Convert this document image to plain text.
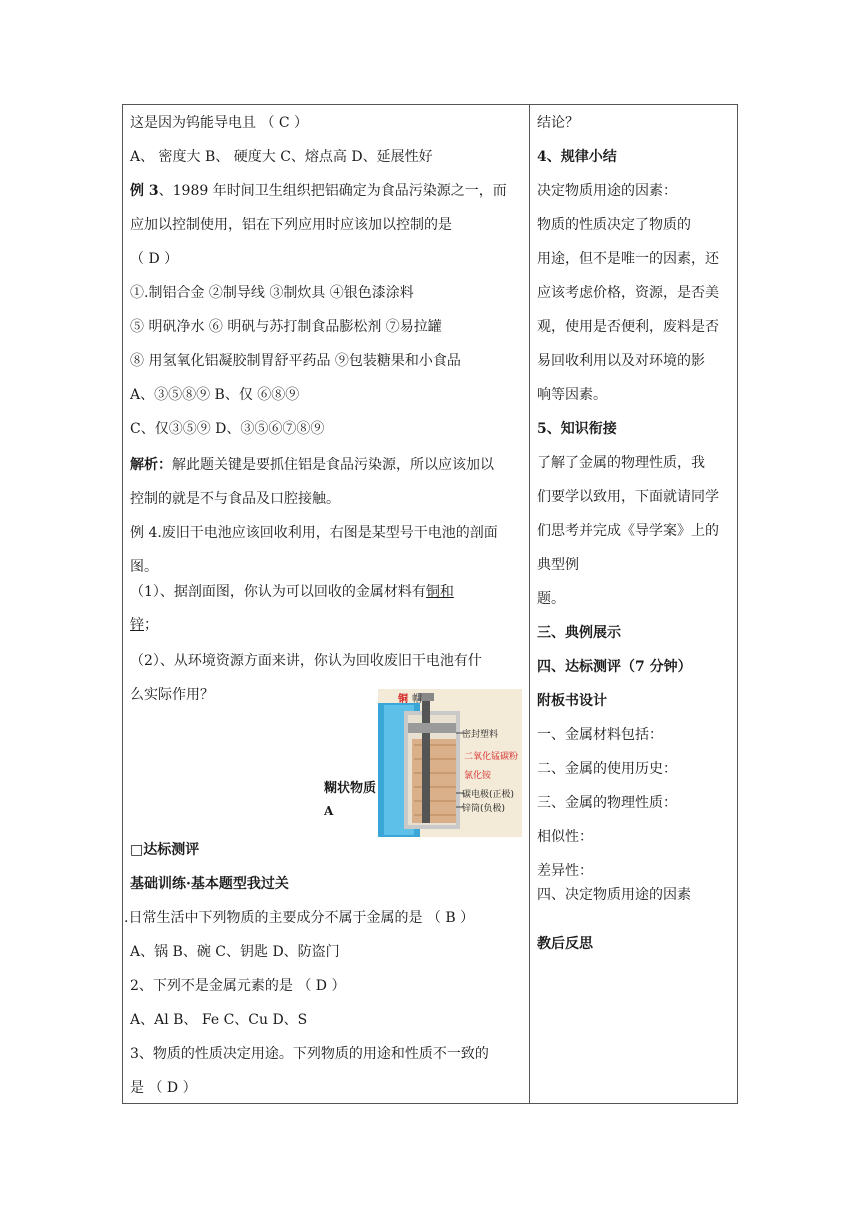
这是因为钨能导电且 （ C ）
A、 密度大 B、 硬度大 C、熔点高 D、延展性好
例 3、1989 年时间卫生组织把铝确定为食品污染源之一，而
应加以控制使用，铝在下列应用时应该加以控制的是
（ D ）
①.制铝合金 ②制导线 ③制炊具 ④银色漆涂料
⑤ 明矾净水 ⑥ 明矾与苏打制食品膨松剂 ⑦易拉罐
⑧ 用氢氧化铝凝胶制胃舒平药品 ⑨包装糖果和小食品
A、③⑤⑧⑨ B、仅 ⑥⑧⑨
C、仅③⑤⑨ D、③⑤⑥⑦⑧⑨
解析：解此题关键是要抓住铝是食品污染源，所以应该加以
控制的就是不与食品及口腔接触。
例 4.废旧干电池应该回收利用，右图是某型号干电池的剖面
图。
（1）、据剖面图，你认为可以回收的金属材料有铜和
锌；
（2）、从环境资源方面来讲，你认为回收废旧干电池有什
么实际作用？
□达标测评
基础训练·基本题型我过关
.日常生活中下列物质的主要成分不属于金属的是 （ B ）
A、锅 B、碗 C、钥匙 D、防盗门
2、下列不是金属元素的是 （ D ）
A、Al B、 Fe C、Cu D、S
3、物质的性质决定用途。下列物质的用途和性质不一致的
是 （ D ）
糊状物质
A
铜 帽
密封塑料
二氧化锰碳粉
氯化铵
碳电极(正极)
锌筒(负极)
结论？
4、规律小结
决定物质用途的因素：
物质的性质决定了物质的
用途，但不是唯一的因素，还
应该考虑价格，资源，是否美
观，使用是否便利，废料是否
易回收利用以及对环境的影
响等因素。
5、知识衔接
了解了金属的物理性质，我
们要学以致用，下面就请同学
们思考并完成《导学案》上的
典型例
题。
三、典例展示
四、达标测评（7 分钟）
附板书设计
一、金属材料包括：
二、金属的使用历史：
三、金属的物理性质：
相似性：
差异性：
四、决定物质用途的因素
教后反思
